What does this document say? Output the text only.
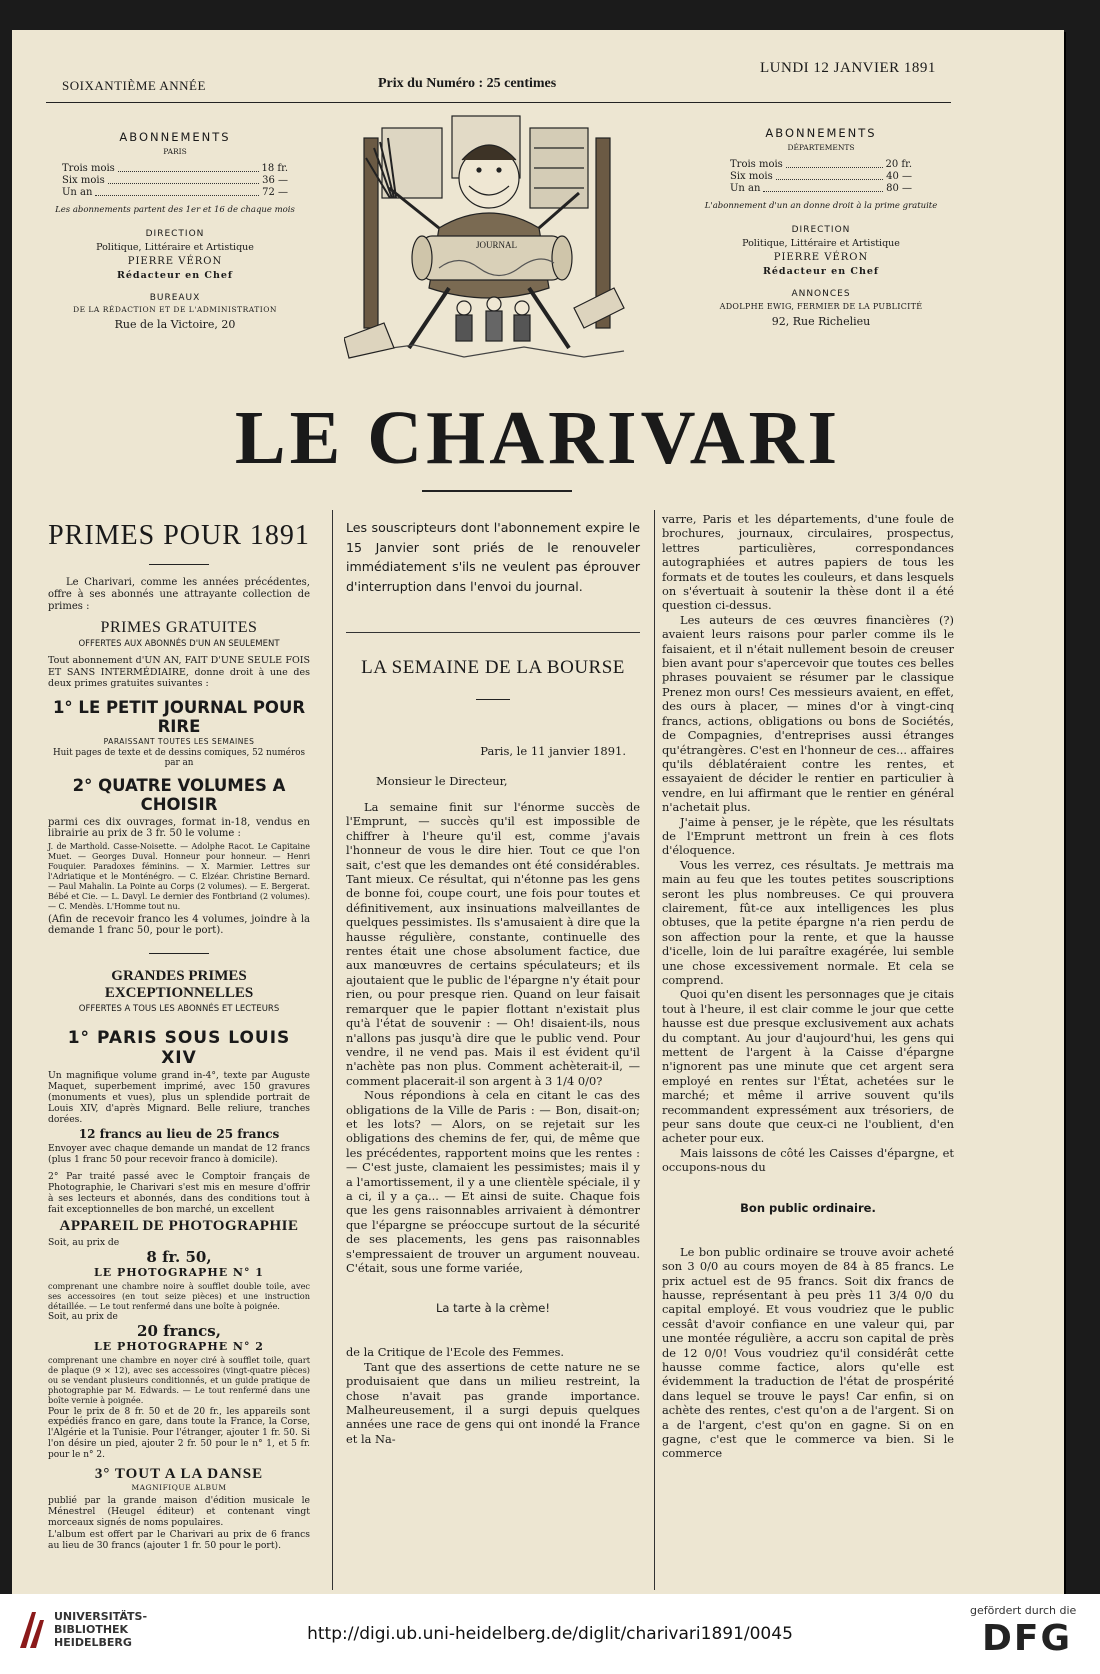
SOIXANTIÈME ANNÉE	Prix du Numéro : 25 centimes
LUNDI 12 JANVIER 1891
ABONNEMENTS
PARIS
Trois mois	18 fr.
Six mois	36 —
Un an	72 —
Les abonnements partent des 1er et 16 de chaque mois
DIRECTION
Politique, Littéraire et Artistique
PIERRE VÉRON
Rédacteur en Chef
BUREAUX
DE LA RÉDACTION ET DE L'ADMINISTRATION
Rue de la Victoire, 20
JOURNAL
ABONNEMENTS
DÉPARTEMENTS
Trois mois	20 fr.
Six mois	40 —
Un an	80 —
L'abonnement d'un an donne droit à la prime gratuite
DIRECTION
Politique, Littéraire et Artistique
PIERRE VÉRON
Rédacteur en Chef
ANNONCES
ADOLPHE EWIG, FERMIER DE LA PUBLICITÉ
92, Rue Richelieu
LE CHARIVARI
PRIMES POUR 1891

Le Charivari, comme les années précédentes, offre à ses abonnés une attrayante collection de primes :

PRIMES GRATUITES
OFFERTES AUX ABONNÉS D'UN AN SEULEMENT

Tout abonnement d'UN AN, FAIT D'UNE SEULE FOIS ET SANS INTERMÉDIAIRE, donne droit à une des deux primes gratuites suivantes :

1° LE PETIT JOURNAL POUR RIRE
PARAISSANT TOUTES LES SEMAINES
Huit pages de texte et de dessins comiques, 52 numéros par an
2° QUATRE VOLUMES A CHOISIR

parmi ces dix ouvrages, format in-18, vendus en librairie au prix de 3 fr. 50 le volume :

J. de Marthold. Casse-Noisette. — Adolphe Racot. Le Capitaine Muet. — Georges Duval. Honneur pour honneur. — Henri Fouquier. Paradoxes féminins. — X. Marmier. Lettres sur l'Adriatique et le Monténégro. — C. Elzéar. Christine Bernard. — Paul Mahalin. La Pointe au Corps (2 volumes). — E. Bergerat. Bébé et Cie. — L. Davyl. Le dernier des Fontbriand (2 volumes). — C. Mendès. L'Homme tout nu.

(Afin de recevoir franco les 4 volumes, joindre à la demande 1 franc 50, pour le port).

GRANDES PRIMES EXCEPTIONNELLES
OFFERTES A TOUS LES ABONNÉS ET LECTEURS
1° PARIS SOUS LOUIS XIV

Un magnifique volume grand in-4°, texte par Auguste Maquet, superbement imprimé, avec 150 gravures (monuments et vues), plus un splendide portrait de Louis XIV, d'après Mignard. Belle reliure, tranches dorées.

12 francs au lieu de 25 francs

Envoyer avec chaque demande un mandat de 12 francs (plus 1 franc 50 pour recevoir franco à domicile).

2° Par traité passé avec le Comptoir français de Photographie, le Charivari s'est mis en mesure d'offrir à ses lecteurs et abonnés, dans des conditions tout à fait exceptionnelles de bon marché, un excellent

APPAREIL DE PHOTOGRAPHIE
Soit, au prix de
8 fr. 50,
LE PHOTOGRAPHE N° 1

comprenant une chambre noire à soufflet double toile, avec ses accessoires (en tout seize pièces) et une instruction détaillée. — Le tout renfermé dans une boîte à poignée.

Soit, au prix de
20 francs,
LE PHOTOGRAPHE N° 2

comprenant une chambre en noyer ciré à soufflet toile, quart de plaque (9 × 12), avec ses accessoires (vingt-quatre pièces) ou se vendant plusieurs conditionnés, et un guide pratique de photographie par M. Edwards. — Le tout renfermé dans une boîte vernie à poignée.

Pour le prix de 8 fr. 50 et de 20 fr., les appareils sont expédiés franco en gare, dans toute la France, la Corse, l'Algérie et la Tunisie. Pour l'étranger, ajouter 1 fr. 50. Si l'on désire un pied, ajouter 2 fr. 50 pour le n° 1, et 5 fr. pour le n° 2.

3° TOUT A LA DANSE
MAGNIFIQUE ALBUM

publié par la grande maison d'édition musicale le Ménestrel (Heugel éditeur) et contenant vingt morceaux signés de noms populaires.

L'album est offert par le Charivari au prix de 6 francs au lieu de 30 francs (ajouter 1 fr. 50 pour le port).

Les souscripteurs dont l'abonnement expire le 15 Janvier sont priés de le renouveler immédiatement s'ils ne veulent pas éprouver d'interruption dans l'envoi du journal.

LA SEMAINE DE LA BOURSE
Paris, le 11 janvier 1891.
Monsieur le Directeur,

La semaine finit sur l'énorme succès de l'Emprunt, — succès qu'il est impossible de chiffrer à l'heure qu'il est, comme j'avais l'honneur de vous le dire hier. Tout ce que l'on sait, c'est que les demandes ont été considérables. Tant mieux. Ce résultat, qui n'étonne pas les gens de bonne foi, coupe court, une fois pour toutes et définitivement, aux insinuations malveillantes de quelques pessimistes. Ils s'amusaient à dire que la hausse régulière, constante, continuelle des rentes était une chose absolument factice, due aux manœuvres de certains spéculateurs; et ils ajoutaient que le public de l'épargne n'y était pour rien, ou pour presque rien. Quand on leur faisait remarquer que le papier flottant n'existait plus qu'à l'état de souvenir : — Oh! disaient-ils, nous n'allons pas jusqu'à dire que le public vend. Pour vendre, il ne vend pas. Mais il est évident qu'il n'achète pas non plus. Comment achèterait-il, — comment placerait-il son argent à 3 1/4 0/0?

Nous répondions à cela en citant le cas des obligations de la Ville de Paris : — Bon, disait-on; et les lots? — Alors, on se rejetait sur les obligations des chemins de fer, qui, de même que les précédentes, rapportent moins que les rentes : — C'est juste, clamaient les pessimistes; mais il y a l'amortissement, il y a une clientèle spéciale, il y a ci, il y a ça... — Et ainsi de suite. Chaque fois que les gens raisonnables arrivaient à démontrer que l'épargne se préoccupe surtout de la sécurité de ses placements, les gens pas raisonnables s'empressaient de trouver un argument nouveau. C'était, sous une forme variée,

La tarte à la crème!

de la Critique de l'Ecole des Femmes.

Tant que des assertions de cette nature ne se produisaient que dans un milieu restreint, la chose n'avait pas grande importance. Malheureusement, il a surgi depuis quelques années une race de gens qui ont inondé la France et la Na-

varre, Paris et les départements, d'une foule de brochures, journaux, circulaires, prospectus, lettres particulières, correspondances autographiées et autres papiers de tous les formats et de toutes les couleurs, et dans lesquels on s'évertuait à soutenir la thèse dont il a été question ci-dessus.

Les auteurs de ces œuvres financières (?) avaient leurs raisons pour parler comme ils le faisaient, et il n'était nullement besoin de creuser bien avant pour s'apercevoir que toutes ces belles phrases pouvaient se résumer par le classique Prenez mon ours! Ces messieurs avaient, en effet, des ours à placer, — mines d'or à vingt-cinq francs, actions, obligations ou bons de Sociétés, de Compagnies, d'entreprises aussi étranges qu'étrangères. C'est en l'honneur de ces... affaires qu'ils déblatéraient contre les rentes, et essayaient de décider le rentier en particulier à vendre, en lui affirmant que le rentier en général n'achetait plus.

J'aime à penser, je le répète, que les résultats de l'Emprunt mettront un frein à ces flots d'éloquence.

Vous les verrez, ces résultats. Je mettrais ma main au feu que les toutes petites souscriptions seront les plus nombreuses. Ce qui prouvera clairement, fût-ce aux intelligences les plus obtuses, que la petite épargne n'a rien perdu de son affection pour la rente, et que la hausse d'icelle, loin de lui paraître exagérée, lui semble une chose excessivement normale. Et cela se comprend.

Quoi qu'en disent les personnages que je citais tout à l'heure, il est clair comme le jour que cette hausse est due presque exclusivement aux achats du comptant. Au jour d'aujourd'hui, les gens qui mettent de l'argent à la Caisse d'épargne n'ignorent pas une minute que cet argent sera employé en rentes sur l'État, achetées sur le marché; et même il arrive souvent qu'ils recommandent expressément aux trésoriers, de peur sans doute que ceux-ci ne l'oublient, d'en acheter pour eux.

Mais laissons de côté les Caisses d'épargne, et occupons-nous du

Bon public ordinaire.

Le bon public ordinaire se trouve avoir acheté son 3 0/0 au cours moyen de 84 à 85 francs. Le prix actuel est de 95 francs. Soit dix francs de hausse, représentant à peu près 11 3/4 0/0 du capital employé. Et vous voudriez que le public cessât d'avoir confiance en une valeur qui, par une montée régulière, a accru son capital de près de 12 0/0! Vous voudriez qu'il considérât cette hausse comme factice, alors qu'elle est évidemment la traduction de l'état de prospérité dans lequel se trouve le pays! Car enfin, si on achète des rentes, c'est qu'on a de l'argent. Si on a de l'argent, c'est qu'on en gagne. Si on en gagne, c'est que le commerce va bien. Si le commerce

UNIVERSITÄTS-
BIBLIOTHEK
HEIDELBERG	http://digi.ub.uni-heidelberg.de/diglit/charivari1891/0045
gefördert durch die
DFG
